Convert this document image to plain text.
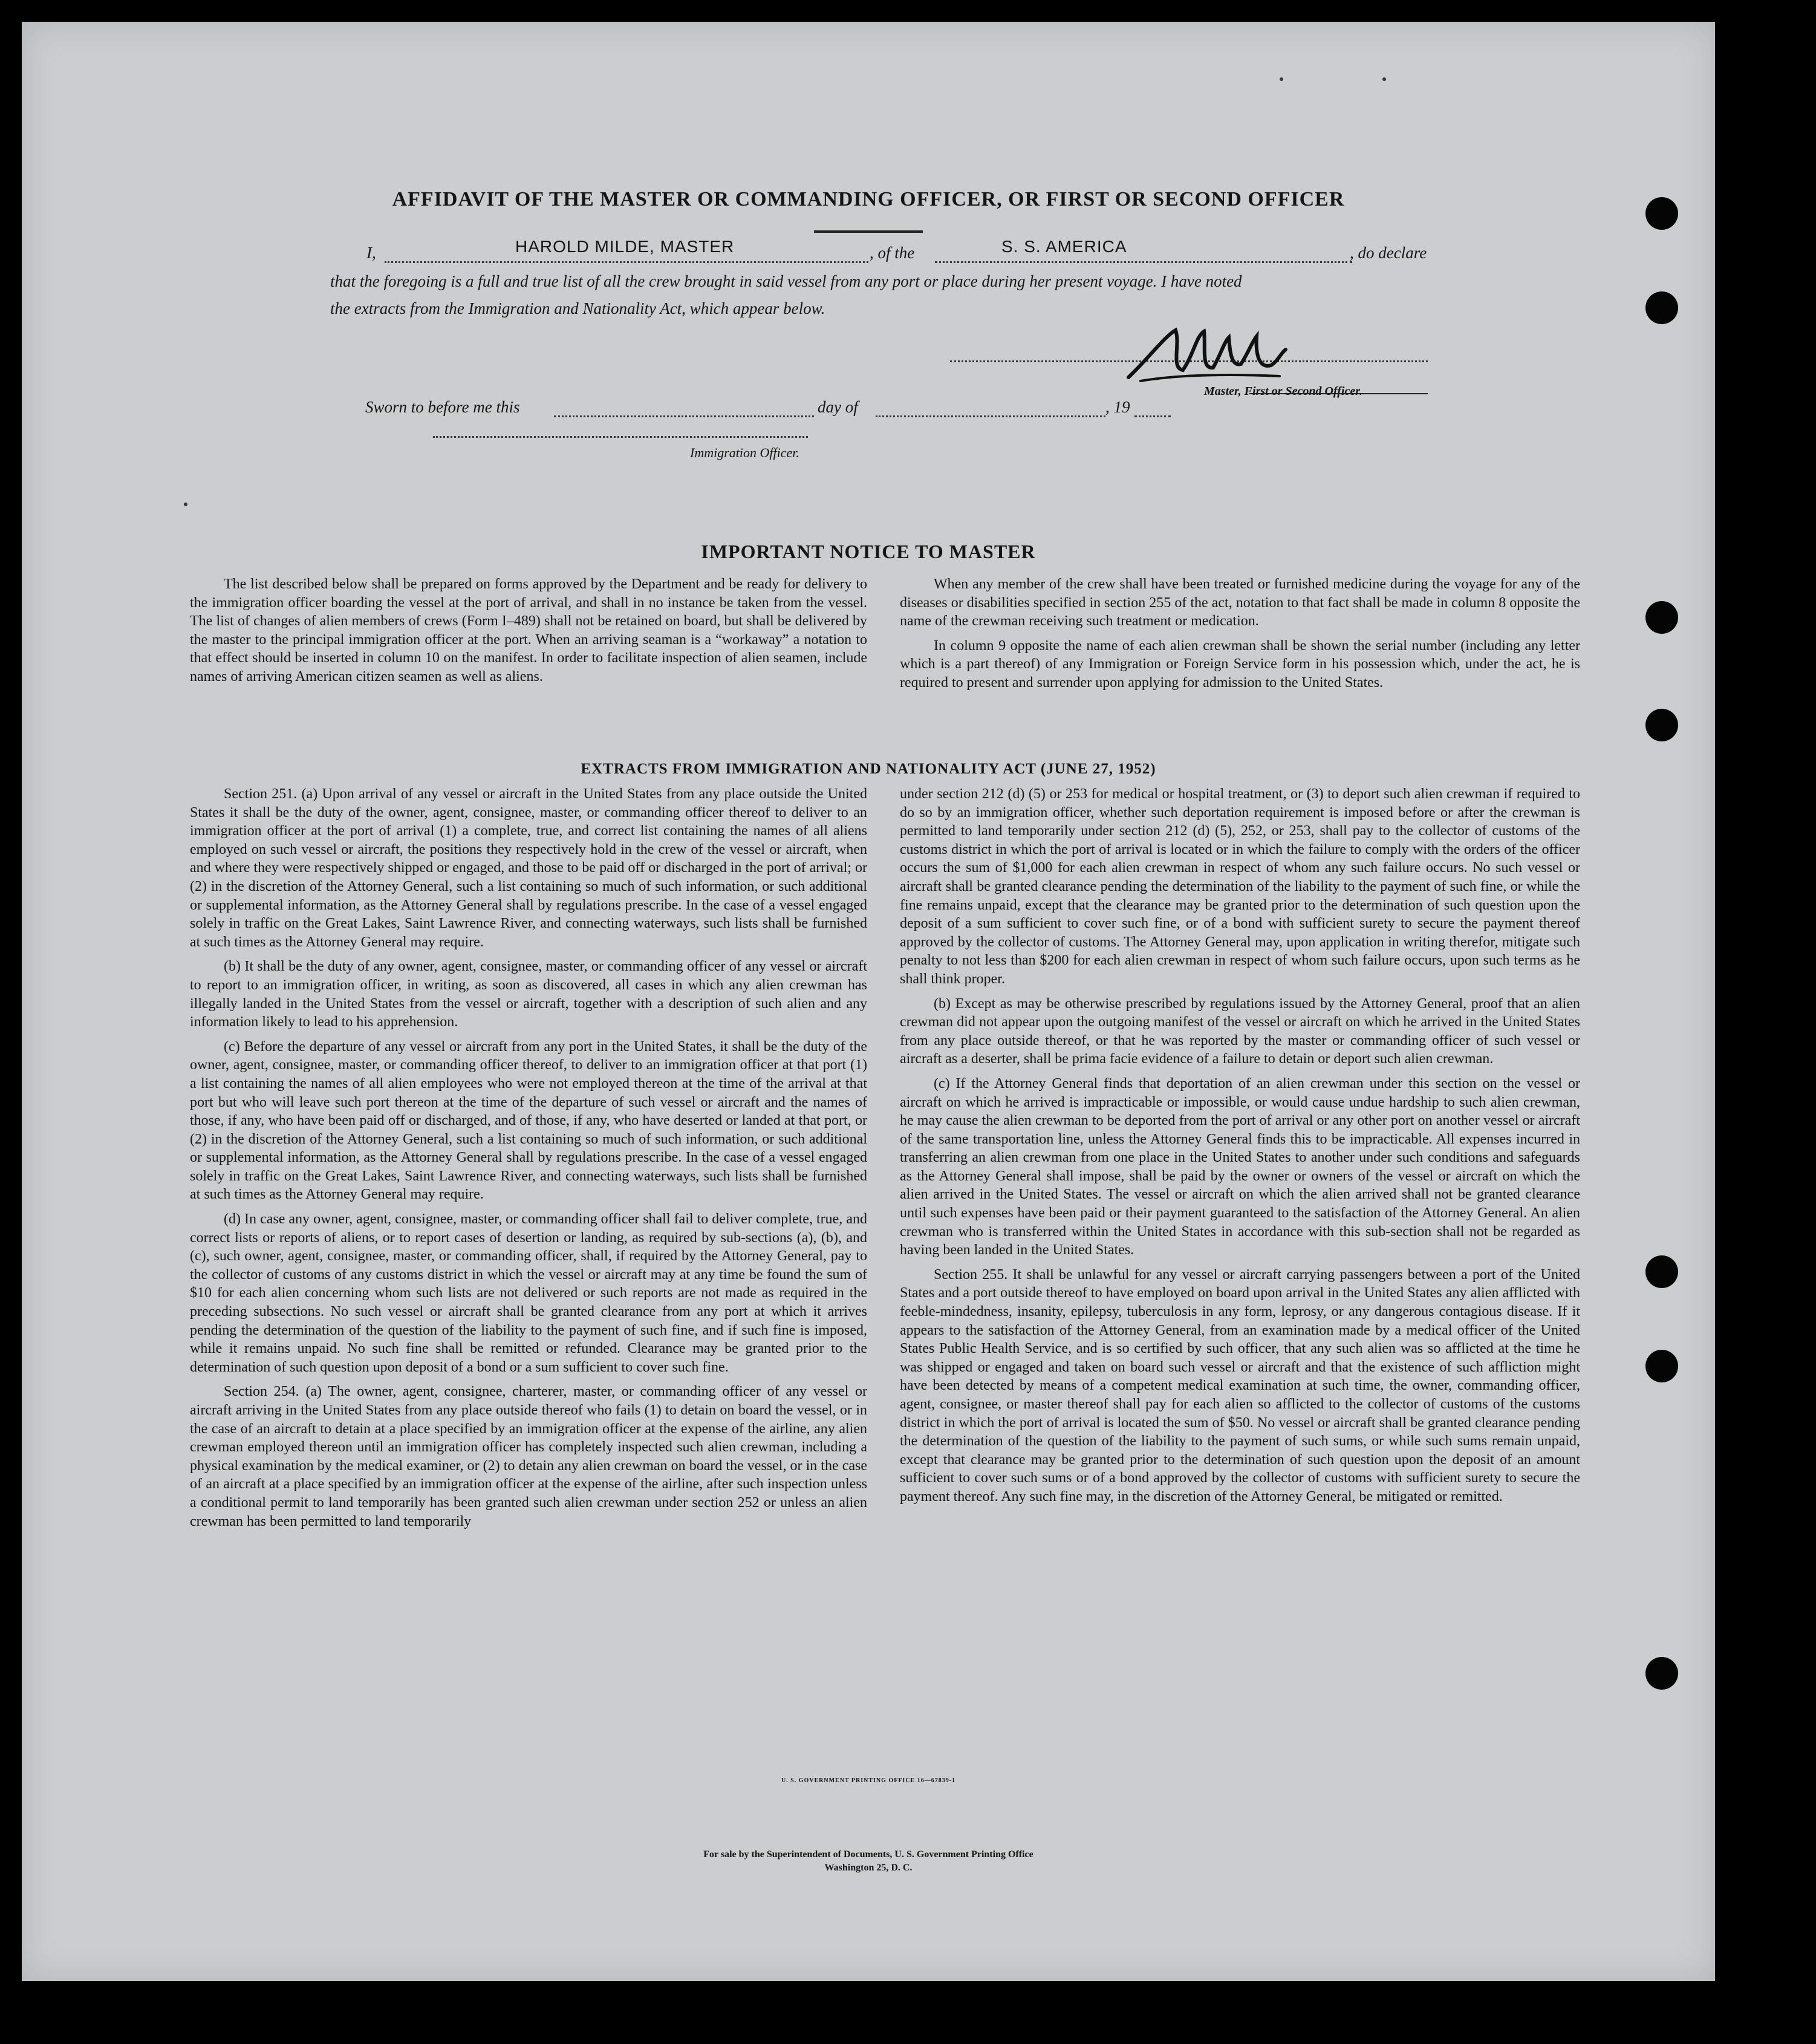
AFFIDAVIT OF THE MASTER OR COMMANDING OFFICER, OR FIRST OR SECOND OFFICER
I,	HAROLD MILDE, MASTER	, of the	S. S. AMERICA	, do declare
that the foregoing is a full and true list of all the crew brought in said vessel from any port or place during her present voyage. I have noted
the extracts from the Immigration and Nationality Act, which appear below.
Master, First or Second Officer.
Sworn to before me this	day of	, 19
Immigration Officer.
IMPORTANT NOTICE TO MASTER

The list described below shall be prepared on forms approved by the Department and be ready for delivery to the immigration officer boarding the vessel at the port of arrival, and shall in no instance be taken from the vessel. The list of changes of alien members of crews (Form I–489) shall not be retained on board, but shall be delivered by the master to the principal immigration officer at the port. When an arriving seaman is a “workaway” a notation to that effect should be inserted in column 10 on the manifest. In order to facilitate inspection of alien seamen, include names of arriving American citizen seamen as well as aliens.

When any member of the crew shall have been treated or furnished medicine during the voyage for any of the diseases or disabilities specified in section 255 of the act, notation to that fact shall be made in column 8 opposite the name of the crewman receiving such treatment or medication.

In column 9 opposite the name of each alien crewman shall be shown the serial number (including any letter which is a part thereof) of any Immigration or Foreign Service form in his possession which, under the act, he is required to present and surrender upon applying for admission to the United States.

EXTRACTS FROM IMMIGRATION AND NATIONALITY ACT (JUNE 27, 1952)

Section 251. (a) Upon arrival of any vessel or aircraft in the United States from any place outside the United States it shall be the duty of the owner, agent, consignee, master, or commanding officer thereof to deliver to an immigration officer at the port of arrival (1) a complete, true, and correct list containing the names of all aliens employed on such vessel or aircraft, the positions they respectively hold in the crew of the vessel or aircraft, when and where they were respectively shipped or engaged, and those to be paid off or discharged in the port of arrival; or (2) in the discretion of the Attorney General, such a list containing so much of such information, or such additional or supplemental information, as the Attorney General shall by regulations prescribe. In the case of a vessel engaged solely in traffic on the Great Lakes, Saint Lawrence River, and connecting waterways, such lists shall be furnished at such times as the Attorney General may require.

(b) It shall be the duty of any owner, agent, consignee, master, or commanding officer of any vessel or aircraft to report to an immigration officer, in writing, as soon as discovered, all cases in which any alien crewman has illegally landed in the United States from the vessel or aircraft, together with a description of such alien and any information likely to lead to his apprehension.

(c) Before the departure of any vessel or aircraft from any port in the United States, it shall be the duty of the owner, agent, consignee, master, or commanding officer thereof, to deliver to an immigration officer at that port (1) a list containing the names of all alien employees who were not employed thereon at the time of the arrival at that port but who will leave such port thereon at the time of the departure of such vessel or aircraft and the names of those, if any, who have been paid off or discharged, and of those, if any, who have deserted or landed at that port, or (2) in the discretion of the Attorney General, such a list containing so much of such information, or such additional or supplemental information, as the Attorney General shall by regulations prescribe. In the case of a vessel engaged solely in traffic on the Great Lakes, Saint Lawrence River, and connecting waterways, such lists shall be furnished at such times as the Attorney General may require.

(d) In case any owner, agent, consignee, master, or commanding officer shall fail to deliver complete, true, and correct lists or reports of aliens, or to report cases of desertion or landing, as required by sub-sections (a), (b), and (c), such owner, agent, consignee, master, or commanding officer, shall, if required by the Attorney General, pay to the collector of customs of any customs district in which the vessel or aircraft may at any time be found the sum of $10 for each alien concerning whom such lists are not delivered or such reports are not made as required in the preceding subsections. No such vessel or aircraft shall be granted clearance from any port at which it arrives pending the determination of the question of the liability to the payment of such fine, and if such fine is imposed, while it remains unpaid. No such fine shall be remitted or refunded. Clearance may be granted prior to the determination of such question upon deposit of a bond or a sum sufficient to cover such fine.

Section 254. (a) The owner, agent, consignee, charterer, master, or commanding officer of any vessel or aircraft arriving in the United States from any place outside thereof who fails (1) to detain on board the vessel, or in the case of an aircraft to detain at a place specified by an immigration officer at the expense of the airline, any alien crewman employed thereon until an immigration officer has completely inspected such alien crewman, including a physical examination by the medical examiner, or (2) to detain any alien crewman on board the vessel, or in the case of an aircraft at a place specified by an immigration officer at the expense of the airline, after such inspection unless a conditional permit to land temporarily has been granted such alien crewman under section 252 or unless an alien crewman has been permitted to land temporarily

under section 212 (d) (5) or 253 for medical or hospital treatment, or (3) to deport such alien crewman if required to do so by an immigration officer, whether such deportation requirement is imposed before or after the crewman is permitted to land temporarily under section 212 (d) (5), 252, or 253, shall pay to the collector of customs of the customs district in which the port of arrival is located or in which the failure to comply with the orders of the officer occurs the sum of $1,000 for each alien crewman in respect of whom any such failure occurs. No such vessel or aircraft shall be granted clearance pending the determination of the liability to the payment of such fine, or while the fine remains unpaid, except that the clearance may be granted prior to the determination of such question upon the deposit of a sum sufficient to cover such fine, or of a bond with sufficient surety to secure the payment thereof approved by the collector of customs. The Attorney General may, upon application in writing therefor, mitigate such penalty to not less than $200 for each alien crewman in respect of whom such failure occurs, upon such terms as he shall think proper.

(b) Except as may be otherwise prescribed by regulations issued by the Attorney General, proof that an alien crewman did not appear upon the outgoing manifest of the vessel or aircraft on which he arrived in the United States from any place outside thereof, or that he was reported by the master or commanding officer of such vessel or aircraft as a deserter, shall be prima facie evidence of a failure to detain or deport such alien crewman.

(c) If the Attorney General finds that deportation of an alien crewman under this section on the vessel or aircraft on which he arrived is impracticable or impossible, or would cause undue hardship to such alien crewman, he may cause the alien crewman to be deported from the port of arrival or any other port on another vessel or aircraft of the same transportation line, unless the Attorney General finds this to be impracticable. All expenses incurred in transferring an alien crewman from one place in the United States to another under such conditions and safeguards as the Attorney General shall impose, shall be paid by the owner or owners of the vessel or aircraft on which the alien arrived in the United States. The vessel or aircraft on which the alien arrived shall not be granted clearance until such expenses have been paid or their payment guaranteed to the satisfaction of the Attorney General. An alien crewman who is transferred within the United States in accordance with this sub-section shall not be regarded as having been landed in the United States.

Section 255. It shall be unlawful for any vessel or aircraft carrying passengers between a port of the United States and a port outside thereof to have employed on board upon arrival in the United States any alien afflicted with feeble-mindedness, insanity, epilepsy, tuberculosis in any form, leprosy, or any dangerous contagious disease. If it appears to the satisfaction of the Attorney General, from an examination made by a medical officer of the United States Public Health Service, and is so certified by such officer, that any such alien was so afflicted at the time he was shipped or engaged and taken on board such vessel or aircraft and that the existence of such affliction might have been detected by means of a competent medical examination at such time, the owner, commanding officer, agent, consignee, or master thereof shall pay for each alien so afflicted to the collector of customs of the customs district in which the port of arrival is located the sum of $50. No vessel or aircraft shall be granted clearance pending the determination of the question of the liability to the payment of such sums, or while such sums remain unpaid, except that clearance may be granted prior to the determination of such question upon the deposit of an amount sufficient to cover such sums or of a bond approved by the collector of customs with sufficient surety to secure the payment thereof. Any such fine may, in the discretion of the Attorney General, be mitigated or remitted.

U. S. GOVERNMENT PRINTING OFFICE 16—67839-1
For sale by the Superintendent of Documents, U. S. Government Printing Office
Washington 25, D. C.
